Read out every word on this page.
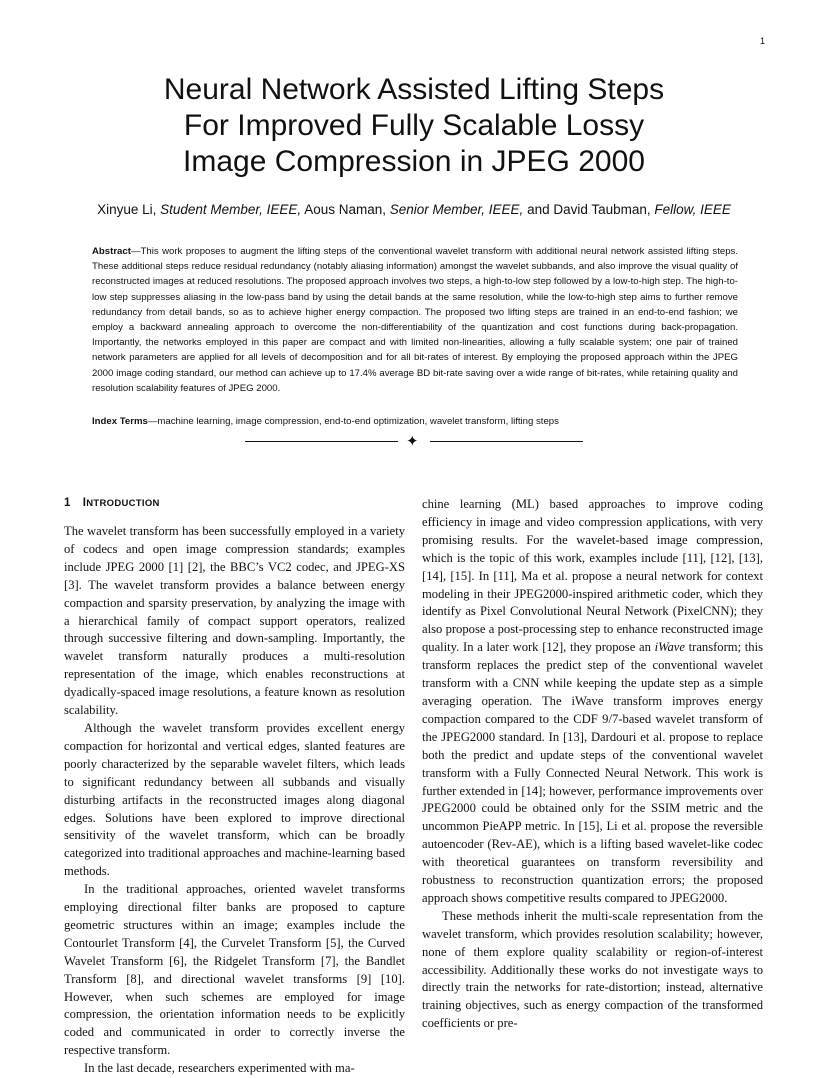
1
Neural Network Assisted Lifting Steps
For Improved Fully Scalable Lossy
Image Compression in JPEG 2000
Xinyue Li, Student Member, IEEE, Aous Naman, Senior Member, IEEE, and David Taubman, Fellow, IEEE
Abstract—This work proposes to augment the lifting steps of the conventional wavelet transform with additional neural network assisted lifting steps. These additional steps reduce residual redundancy (notably aliasing information) amongst the wavelet subbands, and also improve the visual quality of reconstructed images at reduced resolutions. The proposed approach involves two steps, a high-to-low step followed by a low-to-high step. The high-to-low step suppresses aliasing in the low-pass band by using the detail bands at the same resolution, while the low-to-high step aims to further remove redundancy from detail bands, so as to achieve higher energy compaction. The proposed two lifting steps are trained in an end-to-end fashion; we employ a backward annealing approach to overcome the non-differentiability of the quantization and cost functions during back-propagation. Importantly, the networks employed in this paper are compact and with limited non-linearities, allowing a fully scalable system; one pair of trained network parameters are applied for all levels of decomposition and for all bit-rates of interest. By employing the proposed approach within the JPEG 2000 image coding standard, our method can achieve up to 17.4% average BD bit-rate saving over a wide range of bit-rates, while retaining quality and resolution scalability features of JPEG 2000.
Index Terms—machine learning, image compression, end-to-end optimization, wavelet transform, lifting steps
✦
1 INTRODUCTION

The wavelet transform has been successfully employed in a variety of codecs and open image compression standards; examples include JPEG 2000 [1] [2], the BBC’s VC2 codec, and JPEG-XS [3]. The wavelet transform provides a balance between energy compaction and sparsity preservation, by analyzing the image with a hierarchical family of compact support operators, realized through successive filtering and down-sampling. Importantly, the wavelet transform naturally produces a multi-resolution representation of the image, which enables reconstructions at dyadically-spaced image resolutions, a feature known as resolution scalability.

Although the wavelet transform provides excellent energy compaction for horizontal and vertical edges, slanted features are poorly characterized by the separable wavelet filters, which leads to significant redundancy between all subbands and visually disturbing artifacts in the reconstructed images along diagonal edges. Solutions have been explored to improve directional sensitivity of the wavelet transform, which can be broadly categorized into traditional approaches and machine-learning based methods.

In the traditional approaches, oriented wavelet transforms employing directional filter banks are proposed to capture geometric structures within an image; examples include the Contourlet Transform [4], the Curvelet Transform [5], the Curved Wavelet Transform [6], the Ridgelet Transform [7], the Bandlet Transform [8], and directional wavelet transforms [9] [10]. However, when such schemes are employed for image compression, the orientation information needs to be explicitly coded and communicated in order to correctly inverse the respective transform.

In the last decade, researchers experimented with ma-

chine learning (ML) based approaches to improve coding efficiency in image and video compression applications, with very promising results. For the wavelet-based image compression, which is the topic of this work, examples include [11], [12], [13], [14], [15]. In [11], Ma et al. propose a neural network for context modeling in their JPEG2000-inspired arithmetic coder, which they identify as Pixel Convolutional Neural Network (PixelCNN); they also propose a post-processing step to enhance reconstructed image quality. In a later work [12], they propose an iWave transform; this transform replaces the predict step of the conventional wavelet transform with a CNN while keeping the update step as a simple averaging operation. The iWave transform improves energy compaction compared to the CDF 9/7-based wavelet transform of the JPEG2000 standard. In [13], Dardouri et al. propose to replace both the predict and update steps of the conventional wavelet transform with a Fully Connected Neural Network. This work is further extended in [14]; however, performance improvements over JPEG2000 could be obtained only for the SSIM metric and the uncommon PieAPP metric. In [15], Li et al. propose the reversible autoencoder (Rev-AE), which is a lifting based wavelet-like codec with theoretical guarantees on transform reversibility and robustness to reconstruction quantization errors; the proposed approach shows competitive results compared to JPEG2000.

These methods inherit the multi-scale representation from the wavelet transform, which provides resolution scalability; however, none of them explore quality scalability or region-of-interest accessibility. Additionally these works do not investigate ways to directly train the networks for rate-distortion; instead, alternative training objectives, such as energy compaction of the transformed coefficients or pre-
